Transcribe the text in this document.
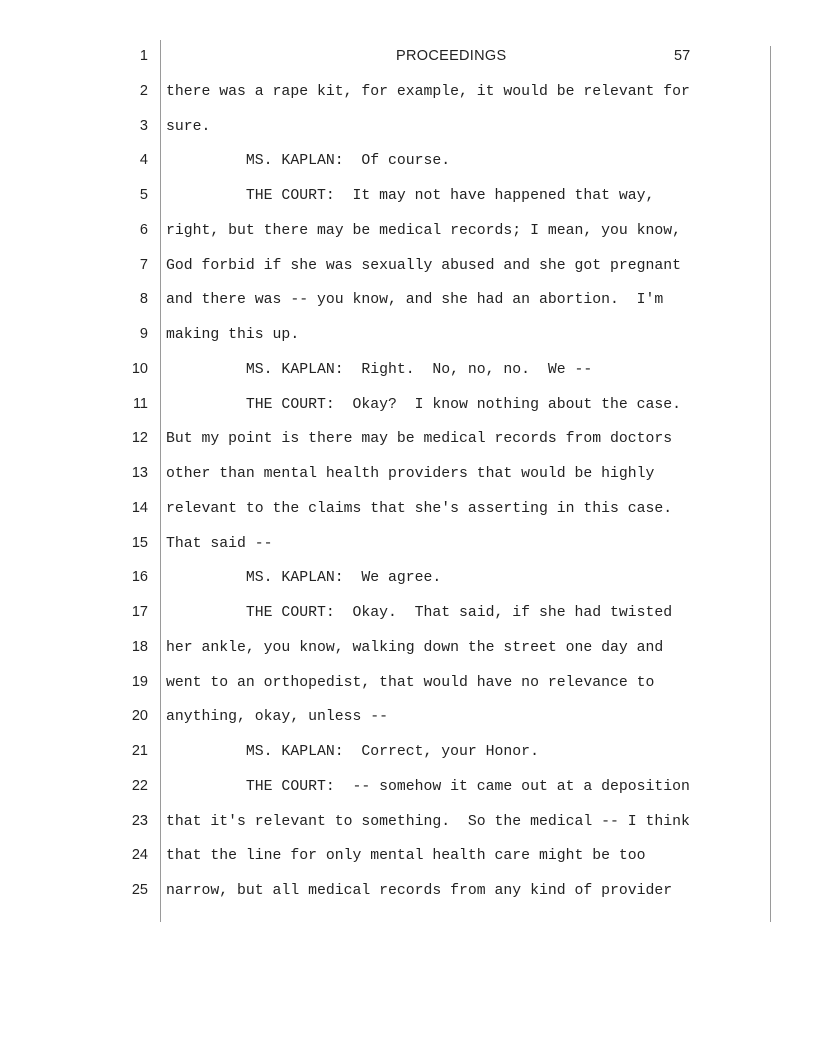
PROCEEDINGS	57
1
2 there was a rape kit, for example, it would be relevant for
3 sure.
4 MS. KAPLAN:  Of course.
5 THE COURT:  It may not have happened that way,
6 right, but there may be medical records; I mean, you know,
7 God forbid if she was sexually abused and she got pregnant
8 and there was -- you know, and she had an abortion.  I'm
9 making this up.
10 MS. KAPLAN:  Right.  No, no, no.  We --
11 THE COURT:  Okay?  I know nothing about the case.
12 But my point is there may be medical records from doctors
13 other than mental health providers that would be highly
14 relevant to the claims that she's asserting in this case.
15 That said --
16 MS. KAPLAN:  We agree.
17 THE COURT:  Okay.  That said, if she had twisted
18 her ankle, you know, walking down the street one day and
19 went to an orthopedist, that would have no relevance to
20 anything, okay, unless --
21 MS. KAPLAN:  Correct, your Honor.
22 THE COURT:  -- somehow it came out at a deposition
23 that it's relevant to something.  So the medical -- I think
24 that the line for only mental health care might be too
25 narrow, but all medical records from any kind of provider
